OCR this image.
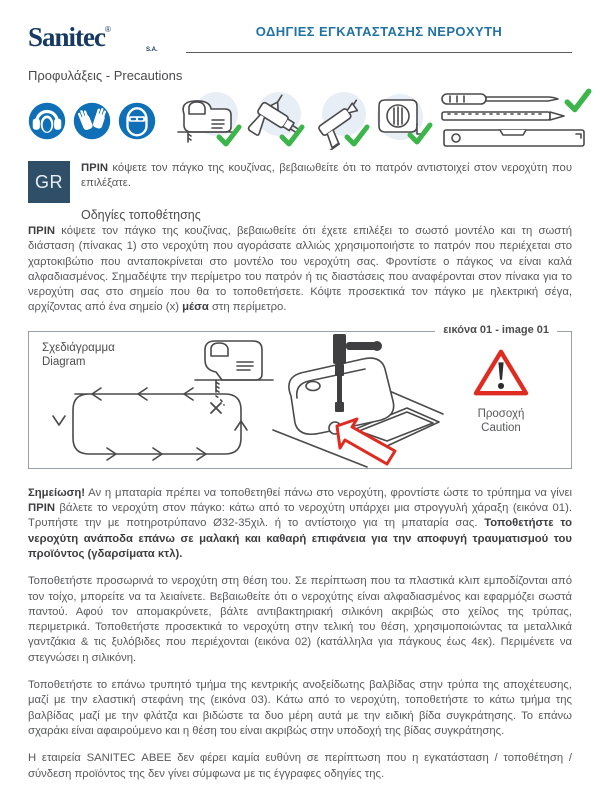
Sanitec®
S.A.
ΟΔΗΓΙΕΣ ΕΓΚΑΤΑΣΤΑΣΗΣ ΝΕΡΟΧΥΤΗ
Προφυλάξεις - Precautions
GR
ΠΡΙΝ κόψετε τον πάγκο της κουζίνας, βεβαιωθείτε ότι το πατρόν αντιστοιχεί στον νεροχύτη που επιλέξατε.
Οδηγίες τοποθέτησης
ΠΡΙΝ κόψετε τον πάγκο της κουζίνας, βεβαιωθείτε ότι έχετε επιλέξει το σωστό μοντέλο και τη σωστή διάσταση (πίνακας 1) στο νεροχύτη που αγοράσατε αλλιώς χρησιμοποιήστε το πατρόν που περιέχεται στο χαρτοκιβώτιο που ανταποκρίνεται στο μοντέλο του νεροχύτη σας. Φροντίστε ο πάγκος να είναι καλά αλφαδιασμένος. Σημαδέψτε την περίμετρο του πατρόν ή τις διαστάσεις που αναφέρονται στον πίνακα για το νεροχύτη σας στο σημείο που θα το τοποθετήσετε. Κόψτε προσεκτικά τον πάγκο με ηλεκτρική σέγα, αρχίζοντας από ένα σημείο (x) μέσα στη περίμετρο.
εικόνα 01 - image 01
Σχεδιάγραμμα
Diagram
Προσοχή
Caution
Σημείωση! Αν η μπαταρία πρέπει να τοποθετηθεί πάνω στο νεροχύτη, φροντίστε ώστε το τρύπημα να γίνει ΠΡΙΝ βάλετε το νεροχύτη στον πάγκο: κάτω από το νεροχύτη υπάρχει μια στρογγυλή χάραξη (εικόνα 01). Τρυπήστε την με ποτηροτρύπανο Ø32-35χιλ. ή το αντίστοιχο για τη μπαταρία σας. Τοποθετήστε το νεροχύτη ανάποδα επάνω σε μαλακή και καθαρή επιφάνεια για την αποφυγή τραυματισμού του προϊόντος (γδαρσίματα κτλ).
Τοποθετήστε προσωρινά το νεροχύτη στη θέση του. Σε περίπτωση που τα πλαστικά κλιπ εμποδίζονται από τον τοίχο, μπορείτε να τα λειαίνετε. Βεβαιωθείτε ότι ο νεροχύτης είναι αλφαδιασμένος και εφαρμόζει σωστά παντού. Αφού τον απομακρύνετε, βάλτε αντιβακτηριακή σιλικόνη ακριβώς στο χείλος της τρύπας, περιμετρικά. Τοποθετήστε προσεκτικά το νεροχύτη στην τελική του θέση, χρησιμοποιώντας τα μεταλλικά γαντζάκια & τις ξυλόβιδες που περιέχονται (εικόνα 02) (κατάλληλα για πάγκους έως 4εκ). Περιμένετε να στεγνώσει η σιλικόνη.
Τοποθετήστε το επάνω τρυπητό τμήμα της κεντρικής ανοξείδωτης βαλβίδας στην τρύπα της αποχέτευσης, μαζί με την ελαστική στεφάνη της (εικόνα 03). Κάτω από το νεροχύτη, τοποθετήστε το κάτω τμήμα της βαλβίδας μαζί με την φλάτζα και βιδώστε τα δυο μέρη αυτά με την ειδική βίδα συγκράτησης. Το επάνω σχαράκι είναι αφαιρούμενο και η θέση του είναι ακριβώς στην υποδοχή της βίδας συγκράτησης.
Η εταιρεία SANITEC ΑΒΕΕ δεν φέρει καμία ευθύνη σε περίπτωση που η εγκατάσταση / τοποθέτηση / σύνδεση προϊόντος της δεν γίνει σύμφωνα με τις έγγραφες οδηγίες της.
